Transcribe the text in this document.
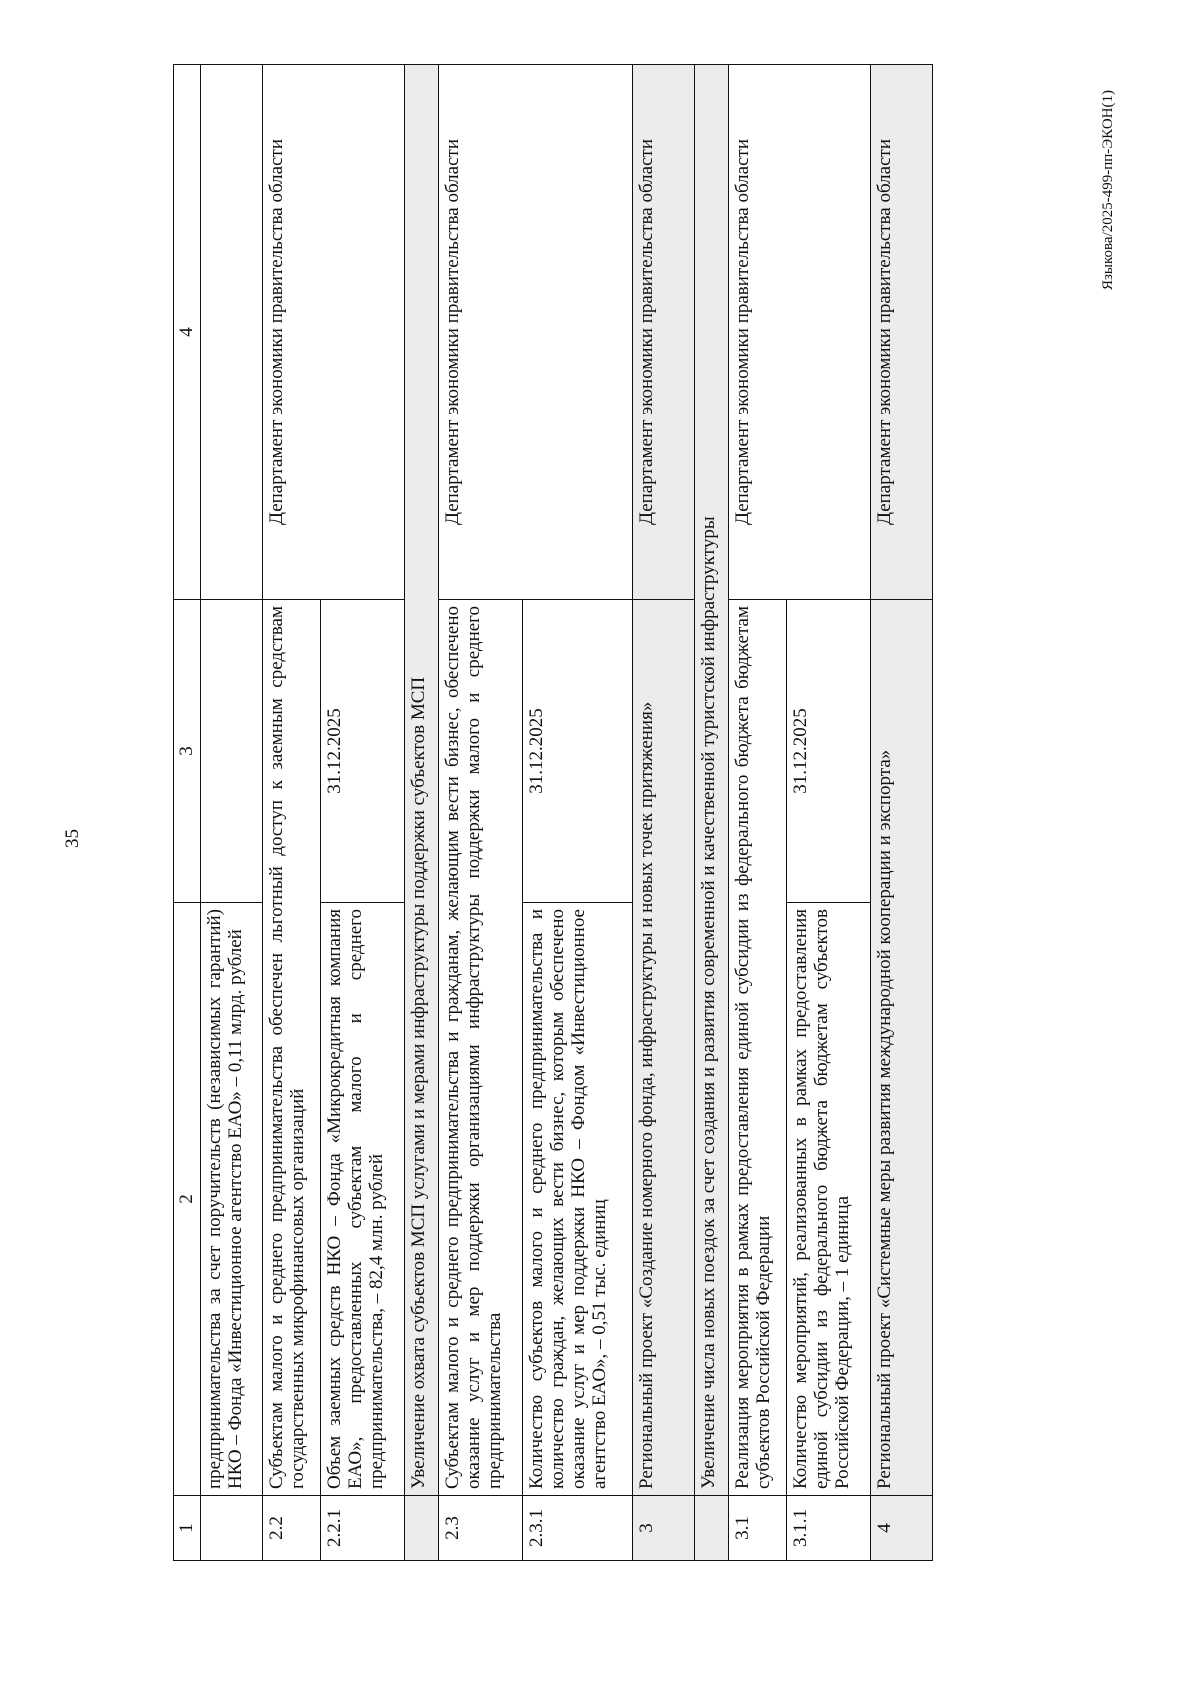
35
1	2	3	4
	предпринимательства за счет поручительств (независимых гарантий) НКО – Фонда «Инвестиционное агентство ЕАО» – 0,11 млрд. рублей		
2.2	Субъектам малого и среднего предпринимательства обеспечен льготный доступ к заемным средствам государственных микрофинансовых организаций		Департамент экономики правительства области
2.2.1	Объем заемных средств НКО – Фонда «Микрокредитная компания ЕАО», предоставленных субъектам малого и среднего предпринимательства, – 82,4 млн. рублей	31.12.2025	
	Увеличение охвата субъектов МСП услугами и мерами инфраструктуры поддержки субъектов МСП		
2.3	Субъектам малого и среднего предпринимательства и гражданам, желающим вести бизнес, обеспечено оказание услуг и мер поддержки организациями инфраструктуры поддержки малого и среднего предпринимательства		Департамент экономики правительства области
2.3.1	Количество субъектов малого и среднего предпринимательства и количество граждан, желающих вести бизнес, которым обеспечено оказание услуг и мер поддержки НКО – Фондом «Инвестиционное агентство ЕАО», – 0,51 тыс. единиц	31.12.2025	
3	Региональный проект «Создание номерного фонда, инфраструктуры и новых точек притяжения»		Департамент экономики правительства области
	Увеличение числа новых поездок за счет создания и развития современной и качественной туристской инфраструктуры		
3.1	Реализация мероприятия в рамках предоставления единой субсидии из федерального бюджета бюджетам субъектов Российской Федерации		Департамент экономики правительства области
3.1.1	Количество мероприятий, реализованных в рамках предоставления единой субсидии из федерального бюджета бюджетам субъектов Российской Федерации, – 1 единица	31.12.2025	
4	Региональный проект «Системные меры развития международной кооперации и экспорта»		Департамент экономики правительства области	Языкова/2025-499-пп-ЭКОН(1)
